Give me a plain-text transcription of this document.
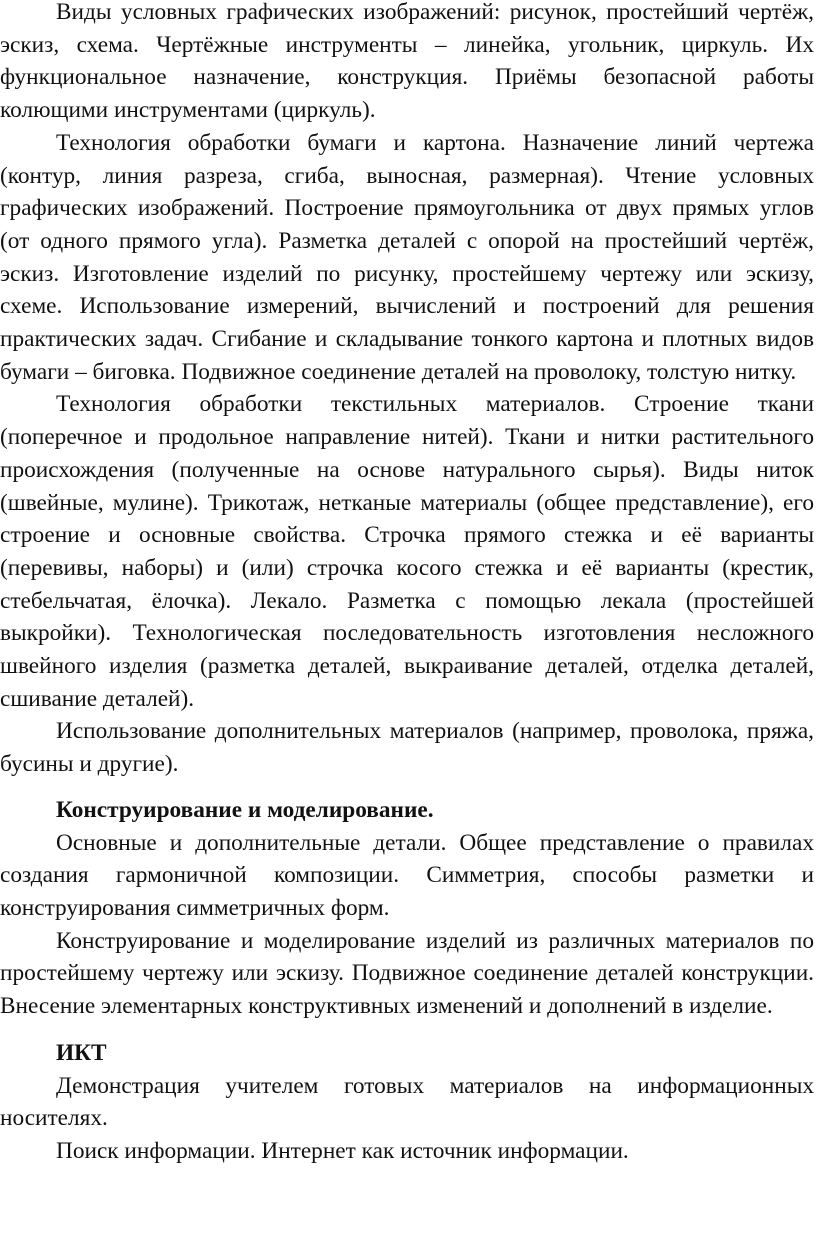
Виды условных графических изображений: рисунок, простейший чертёж, эскиз, схема. Чертёжные инструменты – линейка, угольник, циркуль. Их функциональное назначение, конструкция. Приёмы безопасной работы колющими инструментами (циркуль).

Технология обработки бумаги и картона. Назначение линий чертежа (контур, линия разреза, сгиба, выносная, размерная). Чтение условных графических изображений. Построение прямоугольника от двух прямых углов (от одного прямого угла). Разметка деталей с опорой на простейший чертёж, эскиз. Изготовление изделий по рисунку, простейшему чертежу или эскизу, схеме. Использование измерений, вычислений и построений для решения практических задач. Сгибание и складывание тонкого картона и плотных видов бумаги – биговка. Подвижное соединение деталей на проволоку, толстую нитку.

Технология обработки текстильных материалов. Строение ткани (поперечное и продольное направление нитей). Ткани и нитки растительного происхождения (полученные на основе натурального сырья). Виды ниток (швейные, мулине). Трикотаж, нетканые материалы (общее представление), его строение и основные свойства. Строчка прямого стежка и её варианты (перевивы, наборы) и (или) строчка косого стежка и её варианты (крестик, стебельчатая, ёлочка). Лекало. Разметка с помощью лекала (простейшей выкройки). Технологическая последовательность изготовления несложного швейного изделия (разметка деталей, выкраивание деталей, отделка деталей, сшивание деталей).

Использование дополнительных материалов (например, проволока, пряжа, бусины и другие).

Конструирование и моделирование.

Основные и дополнительные детали. Общее представление о правилах создания гармоничной композиции. Симметрия, способы разметки и конструирования симметричных форм.

Конструирование и моделирование изделий из различных материалов по простейшему чертежу или эскизу. Подвижное соединение деталей конструкции. Внесение элементарных конструктивных изменений и дополнений в изделие.

ИКТ

Демонстрация учителем готовых материалов на информационных носителях.

Поиск информации. Интернет как источник информации.
